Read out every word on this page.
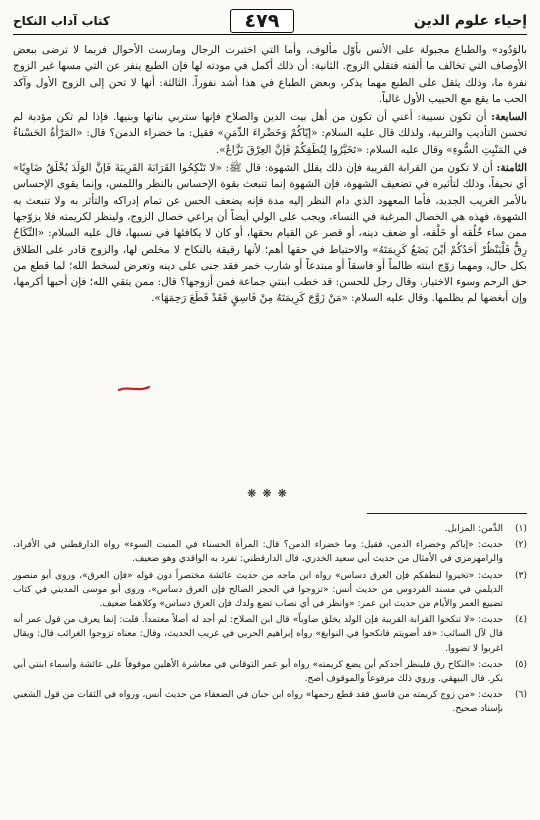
إحياء علوم الدين
٤٧٩
كتاب آداب النكاح

بالوَدُود» والطباع مجبولة على الأنس بأوّل مألوف، وأما التي اختبرت الرجال ومارست الأحوال فربما لا ترضى ببعض الأوصاف التي تخالف ما ألفته فتقلي الزوج. الثانية: أن ذلك أكمل في مودته لها فإن الطبع ينفر عن التي مسها غير الزوج نفرة ما، وذلك يثقل على الطبع مهما يذكر، وبعض الطباع في هذا أشد نفوراً. الثالثة: أنها لا تحن إلى الزوج الأول وآكد الحب ما يقع مع الحبيب الأول غالباً.

السابعة: أن تكون نسيبة: أعني أن تكون من أهل بيت الدين والصلاح فإنها ستربي بناتها وبنيها. فإذا لم تكن مؤدبة لم تحسن التأديب والتربية، ولذلك قال عليه السلام: «إيّاكُمْ وَخَضْراءَ الدِّمَنِ» فقيل: ما خضراء الدمن؟ قال: «المَرْأةُ الحَسْناءُ في المَنْبِتِ السُّوءِ» وقال عليه السلام: «تَخَيَّرُوا لِنُطَفِكُمْ فَإنَّ العِرْقَ نَزَّاعٌ».

الثامنة: أن لا تكون من القرابة القريبة فإن ذلك يقلل الشهوة: قال ﷺ: «لا تَنْكِحُوا القَرَابَةَ القَرِيبَةَ فَإنَّ الوَلَدَ يُخْلَقُ ضَاوِيًا» أي نحيفاً، وذلك لتأثيره في تضعيف الشهوة، فإن الشهوة إنما تنبعث بقوة الإحساس بالنظر واللمس، وإنما يقوى الإحساس بالأمر الغريب الجديد، فأما المعهود الذي دام النظر إليه مدة فإنه يضعف الحس عن تمام إدراكه والتأثر به ولا تنبعث به الشهوة، فهذه هي الخصال المرغبة في النساء، ويجب على الولي أيضاً أن يراعي خصال الزوج، ولينظر لكريمته فلا يزوّجها ممن ساء خُلُقه أو خَلْقه، أو ضعف دينه، أو قصر عن القيام بحقها، أو كان لا يكافئها في نسبها، قال عليه السلام: «النِّكَاحُ رِقٌّ فَلْيَنْظُرْ أحَدُكُمْ أيْنَ يَضَعُ كَرِيمَتَهُ» والاحتياط في حقها أهم؛ لأنها رقيقة بالنكاح لا مخلص لها، والزوج قادر على الطلاق بكل حال، ومهما زوّج ابنته ظالماً أو فاسقاً أو مبتدعاً أو شارب خمر فقد جنى على دينه وتعرض لسخط الله؛ لما قطع من حق الرحم وسوء الاختيار. وقال رجل للحسن: قد خطب ابنتي جماعة فمن أزوجها؟ قال: ممن يتقي الله؛ فإن أحبها أكرمها، وإن أبغضها لم يظلمها. وقال عليه السلام: «مَنْ زَوَّجَ كَرِيمَتَهُ مِنْ فَاسِقٍ فَقَدْ قَطَعَ رَحِمَهَا».

❋❋❋
(١)
الدِّمن: المزابل.
(٢)
حديث: «إياكم وخضراء الدمن، فقيل: وما خضراء الدمن؟ قال: المرأة الحسناء في المنبت السوء» رواه الدارقطني في الأفراد، والرامهرمزي في الأمثال من حديث أبي سعيد الخدري، قال الدارقطني: تفرد به الواقدي وهو ضعيف.
(٣)
حديث: «تخيروا لنطفكم فإن العرق دساس» رواه ابن ماجه من حديث عائشة مختصراً دون قوله «فإن العرق»، وروى أبو منصور الديلمي في مسند الفردوس من حديث أنس: «تزوجوا في الحجر الصالح فإن العرق دساس»، وروى أبو موسى المديني في كتاب تضييع العمر والأيام من حديث ابن عمر: «وانظر في أي نصاب تضع ولدك فإن العرق دساس» وكلاهما ضعيف.
(٤)
حديث: «لا تنكحوا القرابة القريبة فإن الولد يخلق ضاوياً» قال ابن الصلاح: لم أجد له أصلاً معتمداً. قلت: إنما يعرف من قول عمر أنه قال لآل السائب: «قد أضويتم فانكحوا في النوابغ» رواه إبراهيم الحربي في غريب الحديث، وقال: معناه تزوجوا الغرائب قال: ويقال اغربوا لا تضووا.
(٥)
حديث: «النكاح رق فلينظر أحدكم أين يضع كريمته» رواه أبو عمر التوقاني في معاشرة الأهلين موقوفاً على عائشة وأسماء ابنتي أبي بكر. قال البيهقي. وروي ذلك مرفوعاً والموقوف أصح.
(٦)
حديث: «من زوج كريمته من فاسق فقد قطع رحمها» رواه ابن حبان في الضعفاء من حديث أنس، ورواه في الثقات من قول الشعبي بإسناد صحيح.
